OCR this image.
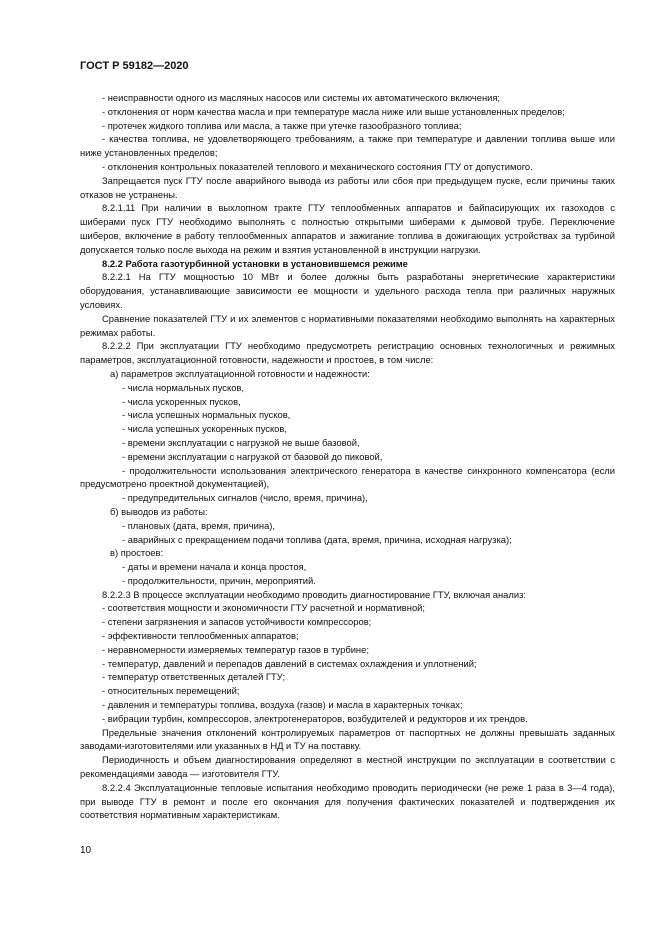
ГОСТ Р 59182—2020

- неисправности одного из масляных насосов или системы их автоматического включения;

- отклонения от норм качества масла и при температуре масла ниже или выше установленных пределов;

- протечек жидкого топлива или масла, а также при утечке газообразного топлива;

- качества топлива, не удовлетворяющего требованиям, а также при температуре и давлении топлива выше или ниже установленных пределов;

- отклонения контрольных показателей теплового и механического состояния ГТУ от допустимого.

Запрещается пуск ГТУ после аварийного вывода из работы или сбоя при предыдущем пуске, если причины таких отказов не устранены.

8.2.1.11 При наличии в выхлопном тракте ГТУ теплообменных аппаратов и байпасирующих их газоходов с шиберами пуск ГТУ необходимо выполнять с полностью открытыми шиберами к дымовой трубе. Переключение шиберов, включение в работу теплообменных аппаратов и зажигание топлива в дожигающих устройствах за турбиной допускается только после выхода на режим и взятия установленной в инструкции нагрузки.

8.2.2 Работа газотурбинной установки в установившемся режиме

8.2.2.1 На ГТУ мощностью 10 МВт и более должны быть разработаны энергетические характеристики оборудования, устанавливающие зависимости ее мощности и удельного расхода тепла при различных наружных условиях.

Сравнение показателей ГТУ и их элементов с нормативными показателями необходимо выполнять на характерных режимах работы.

8.2.2.2 При эксплуатации ГТУ необходимо предусмотреть регистрацию основных технологичных и режимных параметров, эксплуатационной готовности, надежности и простоев, в том числе:

а) параметров эксплуатационной готовности и надежности:

- числа нормальных пусков,

- числа ускоренных пусков,

- числа успешных нормальных пусков,

- числа успешных ускоренных пусков,

- времени эксплуатации с нагрузкой не выше базовой,

- времени эксплуатации с нагрузкой от базовой до пиковой,

- продолжительности использования электрического генератора в качестве синхронного компенсатора (если предусмотрено проектной документацией),

- предупредительных сигналов (число, время, причина),

б) выводов из работы:

- плановых (дата, время, причина),

- аварийных с прекращением подачи топлива (дата, время, причина, исходная нагрузка);

в) простоев:

- даты и времени начала и конца простоя,

- продолжительности, причин, мероприятий.

8.2.2.3 В процессе эксплуатации необходимо проводить диагностирование ГТУ, включая анализ:

- соответствия мощности и экономичности ГТУ расчетной и нормативной;

- степени загрязнения и запасов устойчивости компрессоров;

- эффективности теплообменных аппаратов;

- неравномерности измеряемых температур газов в турбине;

- температур, давлений и перепадов давлений в системах охлаждения и уплотнений;

- температур ответственных деталей ГТУ;

- относительных перемещений;

- давления и температуры топлива, воздуха (газов) и масла в характерных точках;

- вибрации турбин, компрессоров, электрогенераторов, возбудителей и редукторов и их трендов.

Предельные значения отклонений контролируемых параметров от паспортных не должны превышать заданных заводами-изготовителями или указанных в НД и ТУ на поставку.

Периодичность и объем диагностирования определяют в местной инструкции по эксплуатации в соответствии с рекомендациями завода — изготовителя ГТУ.

8.2.2.4 Эксплуатационные тепловые испытания необходимо проводить периодически (не реже 1 раза в 3—4 года), при выводе ГТУ в ремонт и после его окончания для получения фактических показателей и подтверждения их соответствия нормативным характеристикам.

10
